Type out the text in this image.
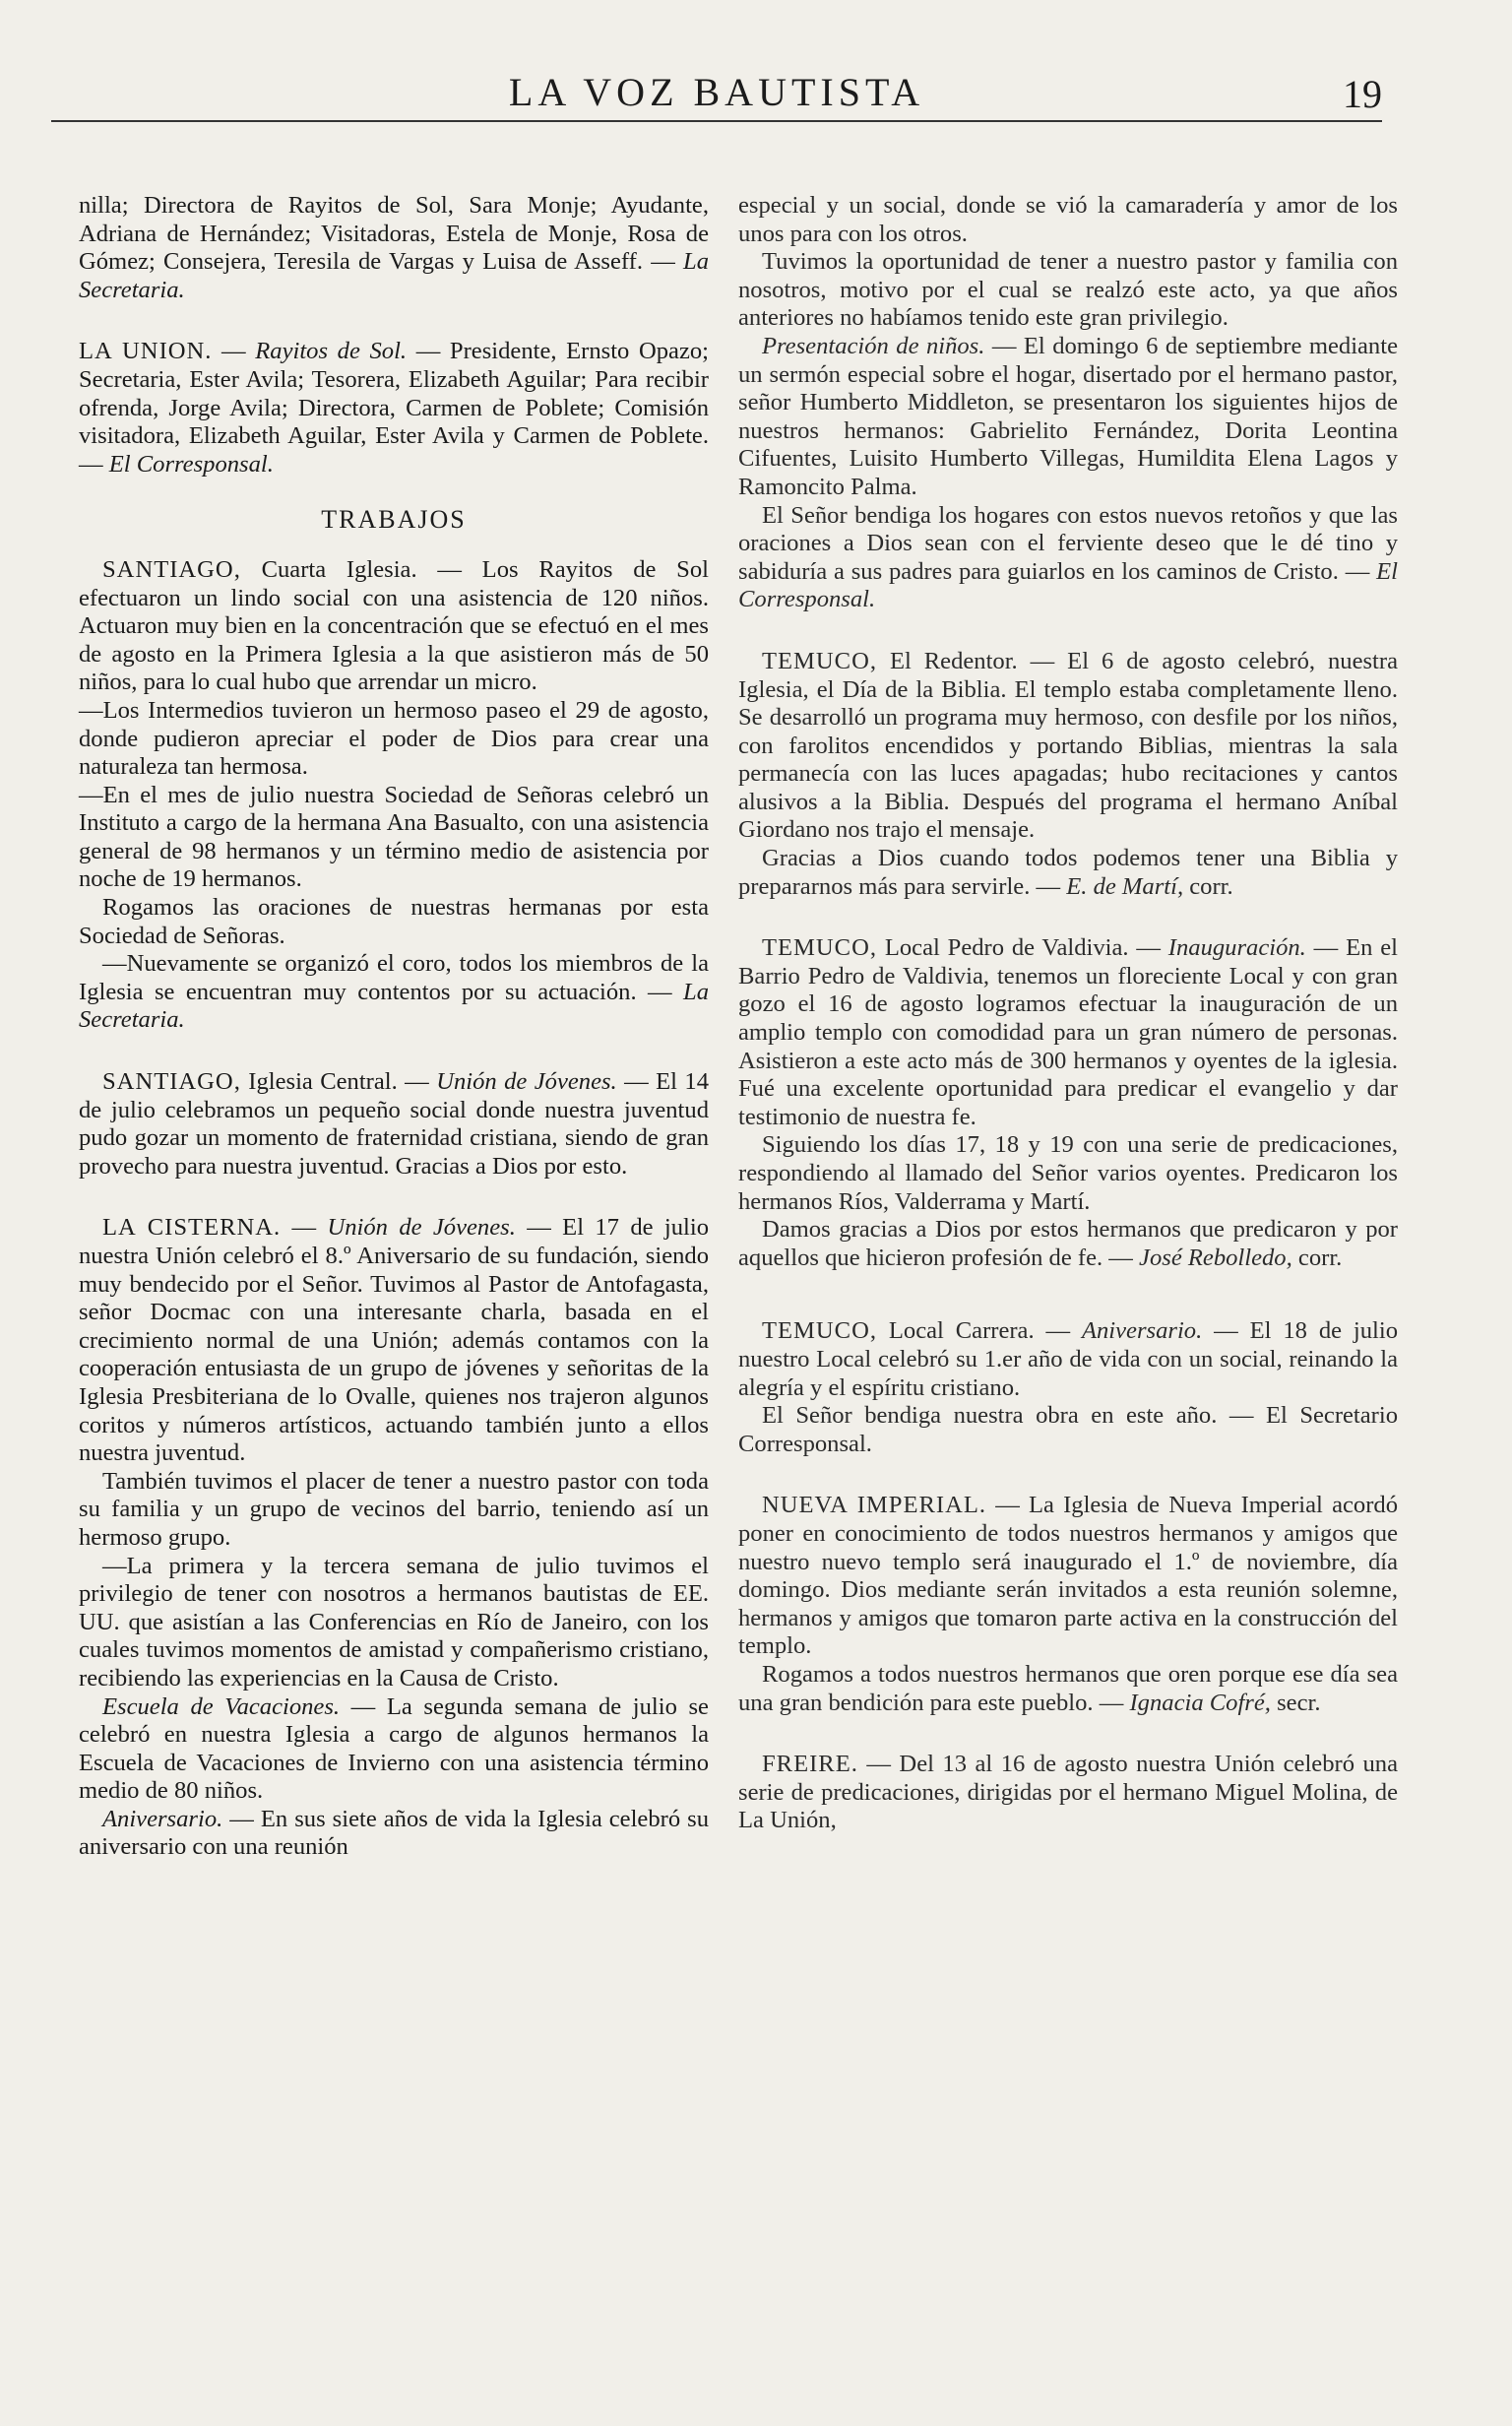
LA VOZ BAUTISTA	19

nilla; Directora de Rayitos de Sol, Sara Monje; Ayudante, Adriana de Hernández; Visitadoras, Estela de Monje, Rosa de Gómez; Consejera, Teresila de Vargas y Luisa de Asseff. — La Secretaria.

LA UNION. — Rayitos de Sol. — Presidente, Ernsto Opazo; Secretaria, Ester Avila; Tesorera, Elizabeth Aguilar; Para recibir ofrenda, Jorge Avila; Directora, Carmen de Poblete; Comisión visitadora, Elizabeth Aguilar, Ester Avila y Carmen de Poblete. — El Corresponsal.

TRABAJOS

SANTIAGO, Cuarta Iglesia. — Los Rayitos de Sol efectuaron un lindo social con una asistencia de 120 niños. Actuaron muy bien en la concentración que se efectuó en el mes de agosto en la Primera Iglesia a la que asistieron más de 50 niños, para lo cual hubo que arrendar un micro.

—Los Intermedios tuvieron un hermoso paseo el 29 de agosto, donde pudieron apreciar el poder de Dios para crear una naturaleza tan hermosa.

—En el mes de julio nuestra Sociedad de Señoras celebró un Instituto a cargo de la hermana Ana Basualto, con una asistencia general de 98 hermanos y un término medio de asistencia por noche de 19 hermanos.

Rogamos las oraciones de nuestras hermanas por esta Sociedad de Señoras.

—Nuevamente se organizó el coro, todos los miembros de la Iglesia se encuentran muy contentos por su actuación. — La Secretaria.

SANTIAGO, Iglesia Central. — Unión de Jóvenes. — El 14 de julio celebramos un pequeño social donde nuestra juventud pudo gozar un momento de fraternidad cristiana, siendo de gran provecho para nuestra juventud. Gracias a Dios por esto.

LA CISTERNA. — Unión de Jóvenes. — El 17 de julio nuestra Unión celebró el 8.º Aniversario de su fundación, siendo muy bendecido por el Señor. Tuvimos al Pastor de Antofagasta, señor Docmac con una interesante charla, basada en el crecimiento normal de una Unión; además contamos con la cooperación entusiasta de un grupo de jóvenes y señoritas de la Iglesia Presbiteriana de lo Ovalle, quienes nos trajeron algunos coritos y números artísticos, actuando también junto a ellos nuestra juventud.

También tuvimos el placer de tener a nuestro pastor con toda su familia y un grupo de vecinos del barrio, teniendo así un hermoso grupo.

—La primera y la tercera semana de julio tuvimos el privilegio de tener con nosotros a hermanos bautistas de EE. UU. que asistían a las Conferencias en Río de Janeiro, con los cuales tuvimos momentos de amistad y compañerismo cristiano, recibiendo las experiencias en la Causa de Cristo.

Escuela de Vacaciones. — La segunda semana de julio se celebró en nuestra Iglesia a cargo de algunos hermanos la Escuela de Vacaciones de Invierno con una asistencia término medio de 80 niños.

Aniversario. — En sus siete años de vida la Iglesia celebró su aniversario con una reunión

especial y un social, donde se vió la camaradería y amor de los unos para con los otros.

Tuvimos la oportunidad de tener a nuestro pastor y familia con nosotros, motivo por el cual se realzó este acto, ya que años anteriores no habíamos tenido este gran privilegio.

Presentación de niños. — El domingo 6 de septiembre mediante un sermón especial sobre el hogar, disertado por el hermano pastor, señor Humberto Middleton, se presentaron los siguientes hijos de nuestros hermanos: Gabrielito Fernández, Dorita Leontina Cifuentes, Luisito Humberto Villegas, Humildita Elena Lagos y Ramoncito Palma.

El Señor bendiga los hogares con estos nuevos retoños y que las oraciones a Dios sean con el ferviente deseo que le dé tino y sabiduría a sus padres para guiarlos en los caminos de Cristo. — El Corresponsal.

TEMUCO, El Redentor. — El 6 de agosto celebró, nuestra Iglesia, el Día de la Biblia. El templo estaba completamente lleno. Se desarrolló un programa muy hermoso, con desfile por los niños, con farolitos encendidos y portando Biblias, mientras la sala permanecía con las luces apagadas; hubo recitaciones y cantos alusivos a la Biblia. Después del programa el hermano Aníbal Giordano nos trajo el mensaje.

Gracias a Dios cuando todos podemos tener una Biblia y prepararnos más para servirle. — E. de Martí, corr.

TEMUCO, Local Pedro de Valdivia. — Inauguración. — En el Barrio Pedro de Valdivia, tenemos un floreciente Local y con gran gozo el 16 de agosto logramos efectuar la inauguración de un amplio templo con comodidad para un gran número de personas. Asistieron a este acto más de 300 hermanos y oyentes de la iglesia. Fué una excelente oportunidad para predicar el evangelio y dar testimonio de nuestra fe.

Siguiendo los días 17, 18 y 19 con una serie de predicaciones, respondiendo al llamado del Señor varios oyentes. Predicaron los hermanos Ríos, Valderrama y Martí.

Damos gracias a Dios por estos hermanos que predicaron y por aquellos que hicieron profesión de fe. — José Rebolledo, corr.

TEMUCO, Local Carrera. — Aniversario. — El 18 de julio nuestro Local celebró su 1.er año de vida con un social, reinando la alegría y el espíritu cristiano.

El Señor bendiga nuestra obra en este año. — El Secretario Corresponsal.

NUEVA IMPERIAL. — La Iglesia de Nueva Imperial acordó poner en conocimiento de todos nuestros hermanos y amigos que nuestro nuevo templo será inaugurado el 1.º de noviembre, día domingo. Dios mediante serán invitados a esta reunión solemne, hermanos y amigos que tomaron parte activa en la construcción del templo.

Rogamos a todos nuestros hermanos que oren porque ese día sea una gran bendición para este pueblo. — Ignacia Cofré, secr.

FREIRE. — Del 13 al 16 de agosto nuestra Unión celebró una serie de predicaciones, dirigidas por el hermano Miguel Molina, de La Unión,
